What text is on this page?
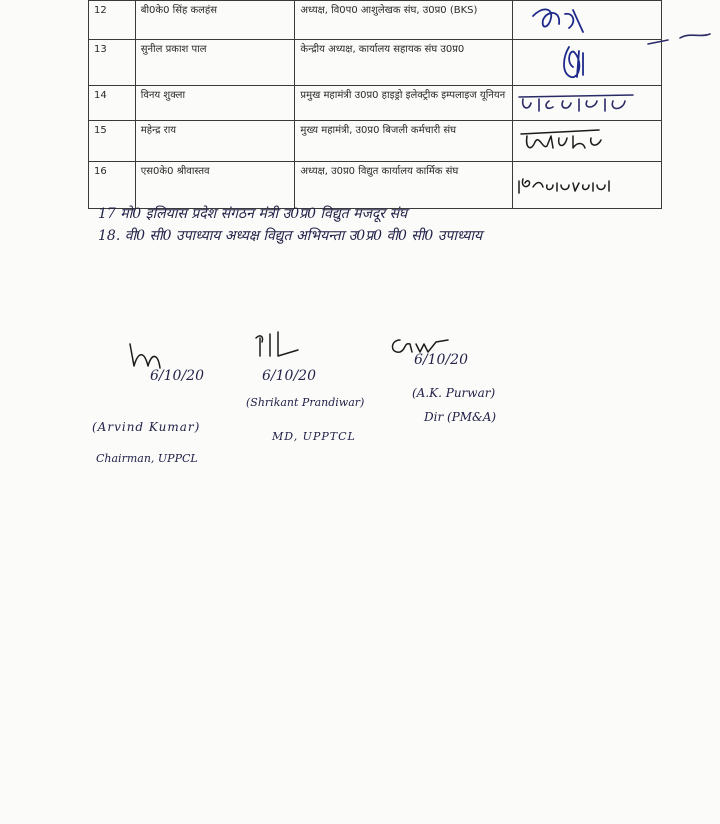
12	बी0के0 सिंह कलहंस	अध्यक्ष, वि0प0 आशुलेखक संघ, उ0प्र0 (BKS)	

13	सुनील प्रकाश पाल	केन्द्रीय अध्यक्ष, कार्यालय सहायक संघ उ0प्र0	

14	विनय शुक्ला	प्रमुख महामंत्री उ0प्र0 हाइड्रो इलेक्ट्रीक इम्पलाइज यूनियन	

15	महेन्द्र राय	मुख्य महामंत्री, उ0प्र0 बिजली कर्मचारी संघ	

16	एस0के0 श्रीवास्तव	अध्यक्ष, उ0प्र0 विद्युत कार्यालय कार्मिक संघ	
17 मो0 इलियास प्रदेश संगठन मंत्री उ0प्र0 विद्युत मजदूर संघ
18. वी0 सी0 उपाध्याय अध्यक्ष विद्युत अभियन्ता उ0प्र0 वी0 सी0 उपाध्याय
6/10/20
(Arvind Kumar)
Chairman, UPPCL
6/10/20
(Shrikant Prandiwar)
MD, UPPTCL
6/10/20
(A.K. Purwar)
Dir (PM&A)
